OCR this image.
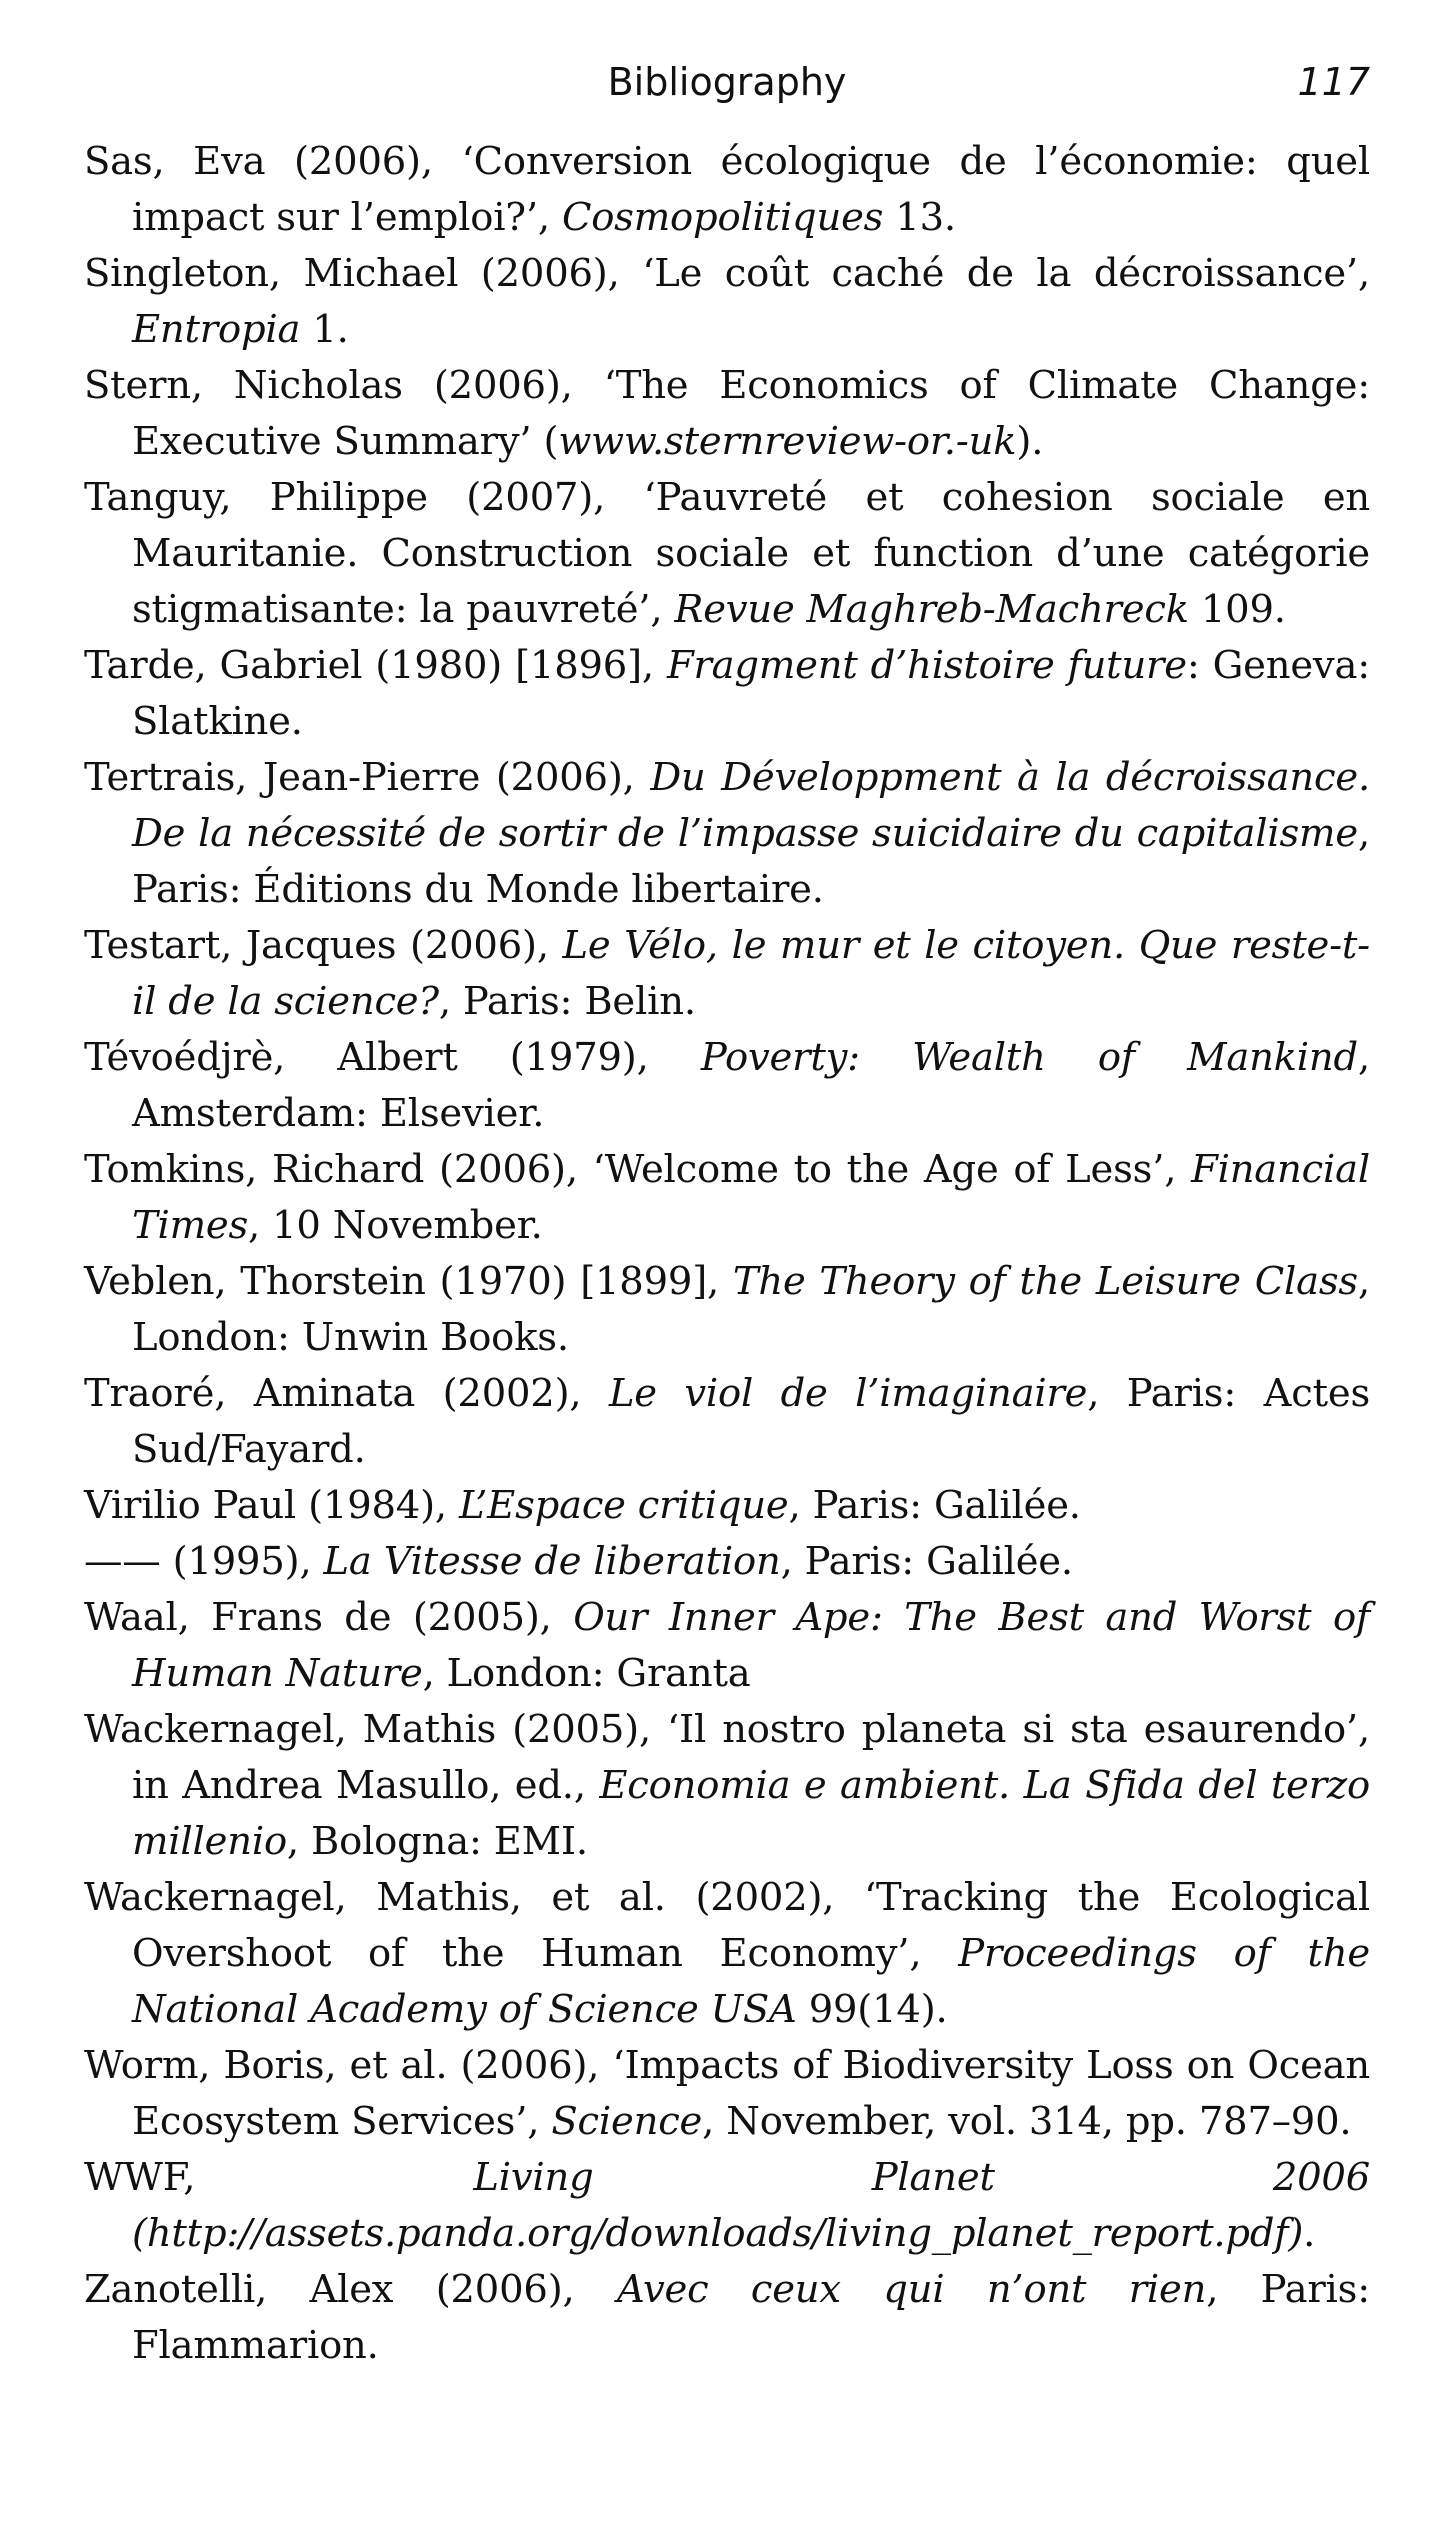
Bibliography	117

Sas, Eva (2006), ‘Conversion écologique de l’économie: quel impact sur l’emploi?’, Cosmopolitiques 13.

Singleton, Michael (2006), ‘Le coût caché de la décroissance’, Entropia 1.

Stern, Nicholas (2006), ‘The Economics of Climate Change: Executive Summary’ (www.sternreview-or.-uk).

Tanguy, Philippe (2007), ‘Pauvreté et cohesion sociale en Mauritanie. Construction sociale et function d’une catégorie stigmatisante: la pauvreté’, Revue Maghreb-Machreck 109.

Tarde, Gabriel (1980) [1896], Fragment d’histoire future: Geneva: Slatkine.

Tertrais, Jean-Pierre (2006), Du Développment à la décroissance. De la nécessité de sortir de l’impasse suicidaire du capitalisme, Paris: Éditions du Monde libertaire.

Testart, Jacques (2006), Le Vélo, le mur et le citoyen. Que reste-t-il de la science?, Paris: Belin.

Tévoédjrè, Albert (1979), Poverty: Wealth of Mankind, Amsterdam: Elsevier.

Tomkins, Richard (2006), ‘Welcome to the Age of Less’, Financial Times, 10 November.

Veblen, Thorstein (1970) [1899], The Theory of the Leisure Class, London: Unwin Books.

Traoré, Aminata (2002), Le viol de l’imaginaire, Paris: Actes Sud/Fayard.

Virilio Paul (1984), L’Espace critique, Paris: Galilée.

—— (1995), La Vitesse de liberation, Paris: Galilée.

Waal, Frans de (2005), Our Inner Ape: The Best and Worst of Human Nature, London: Granta

Wackernagel, Mathis (2005), ‘Il nostro planeta si sta esaurendo’, in Andrea Masullo, ed., Economia e ambient. La Sfida del terzo millenio, Bologna: EMI.

Wackernagel, Mathis, et al. (2002), ‘Tracking the Ecological Overshoot of the Human Economy’, Proceedings of the National Academy of Science USA 99(14).

Worm, Boris, et al. (2006), ‘Impacts of Biodiversity Loss on Ocean Ecosystem Services’, Science, November, vol. 314, pp. 787–90.

WWF, Living Planet 2006 (http://assets.panda.org/downloads/living_planet_report.pdf).

Zanotelli, Alex (2006), Avec ceux qui n’ont rien, Paris: Flammarion.
